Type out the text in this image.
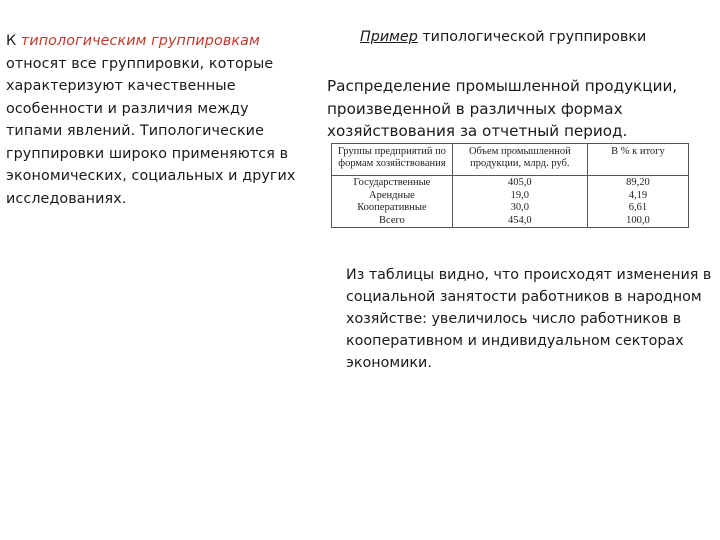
К типологическим группировкам относят все группировки, которые характеризуют качественные особенности и различия между типами явлений. Типологические группировки широко применяются в экономических, социальных и других исследованиях.
Пример типологической группировки
Распределение промышленной продукции, произведенной в различных формах хозяйствования за отчетный период.
Группы предприятий по формам хозяйствования	Объем промышленной продукции, млрд. руб.	В % к итогу
Государственные	405,0	89,20
Арендные	19,0	4,19
Кооперативные	30,0	6,61
Всего	454,0	100,0
Из таблицы видно, что происходят изменения в социальной занятости работников в народном хозяйстве: увеличилось число работников в кооперативном и индивидуальном секторах экономики.
